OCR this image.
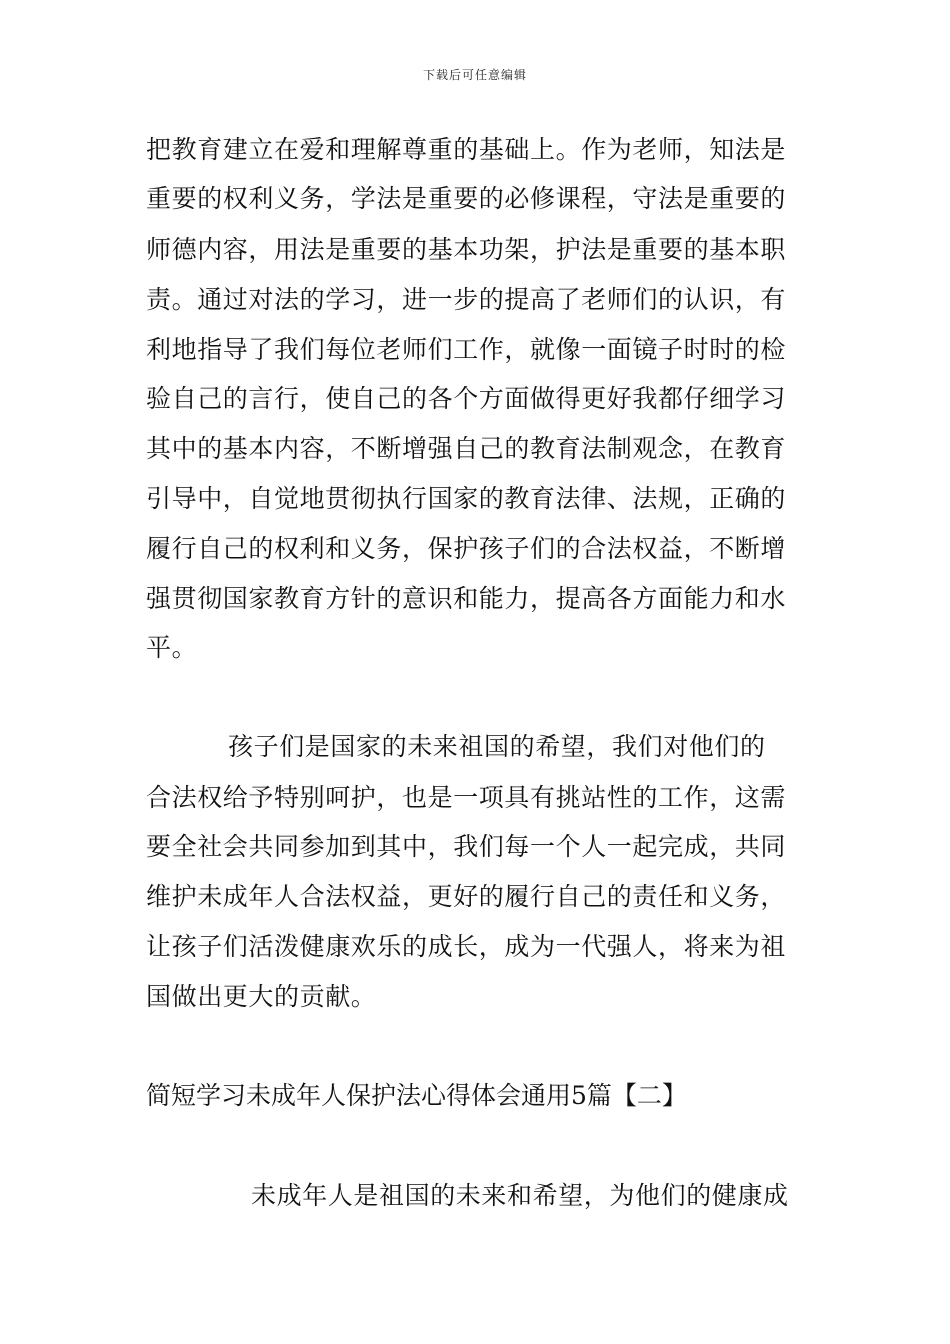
下载后可任意编辑
把教育建立在爱和理解尊重的基础上。作为老师，知法是
重要的权利义务，学法是重要的必修课程，守法是重要的
师德内容，用法是重要的基本功架，护法是重要的基本职
责。通过对法的学习，进一步的提高了老师们的认识，有
利地指导了我们每位老师们工作，就像一面镜子时时的检
验自己的言行，使自己的各个方面做得更好我都仔细学习
其中的基本内容，不断增强自己的教育法制观念，在教育
引导中，自觉地贯彻执行国家的教育法律、法规，正确的
履行自己的权利和义务，保护孩子们的合法权益，不断增
强贯彻国家教育方针的意识和能力，提高各方面能力和水
平。
孩子们是国家的未来祖国的希望，我们对他们的
合法权给予特别呵护，也是一项具有挑站性的工作，这需
要全社会共同参加到其中，我们每一个人一起完成，共同
维护未成年人合法权益，更好的履行自己的责任和义务，
让孩子们活泼健康欢乐的成长，成为一代强人，将来为祖
国做出更大的贡献。
简短学习未成年人保护法心得体会通用5篇【二】
未成年人是祖国的未来和希望，为他们的健康成
